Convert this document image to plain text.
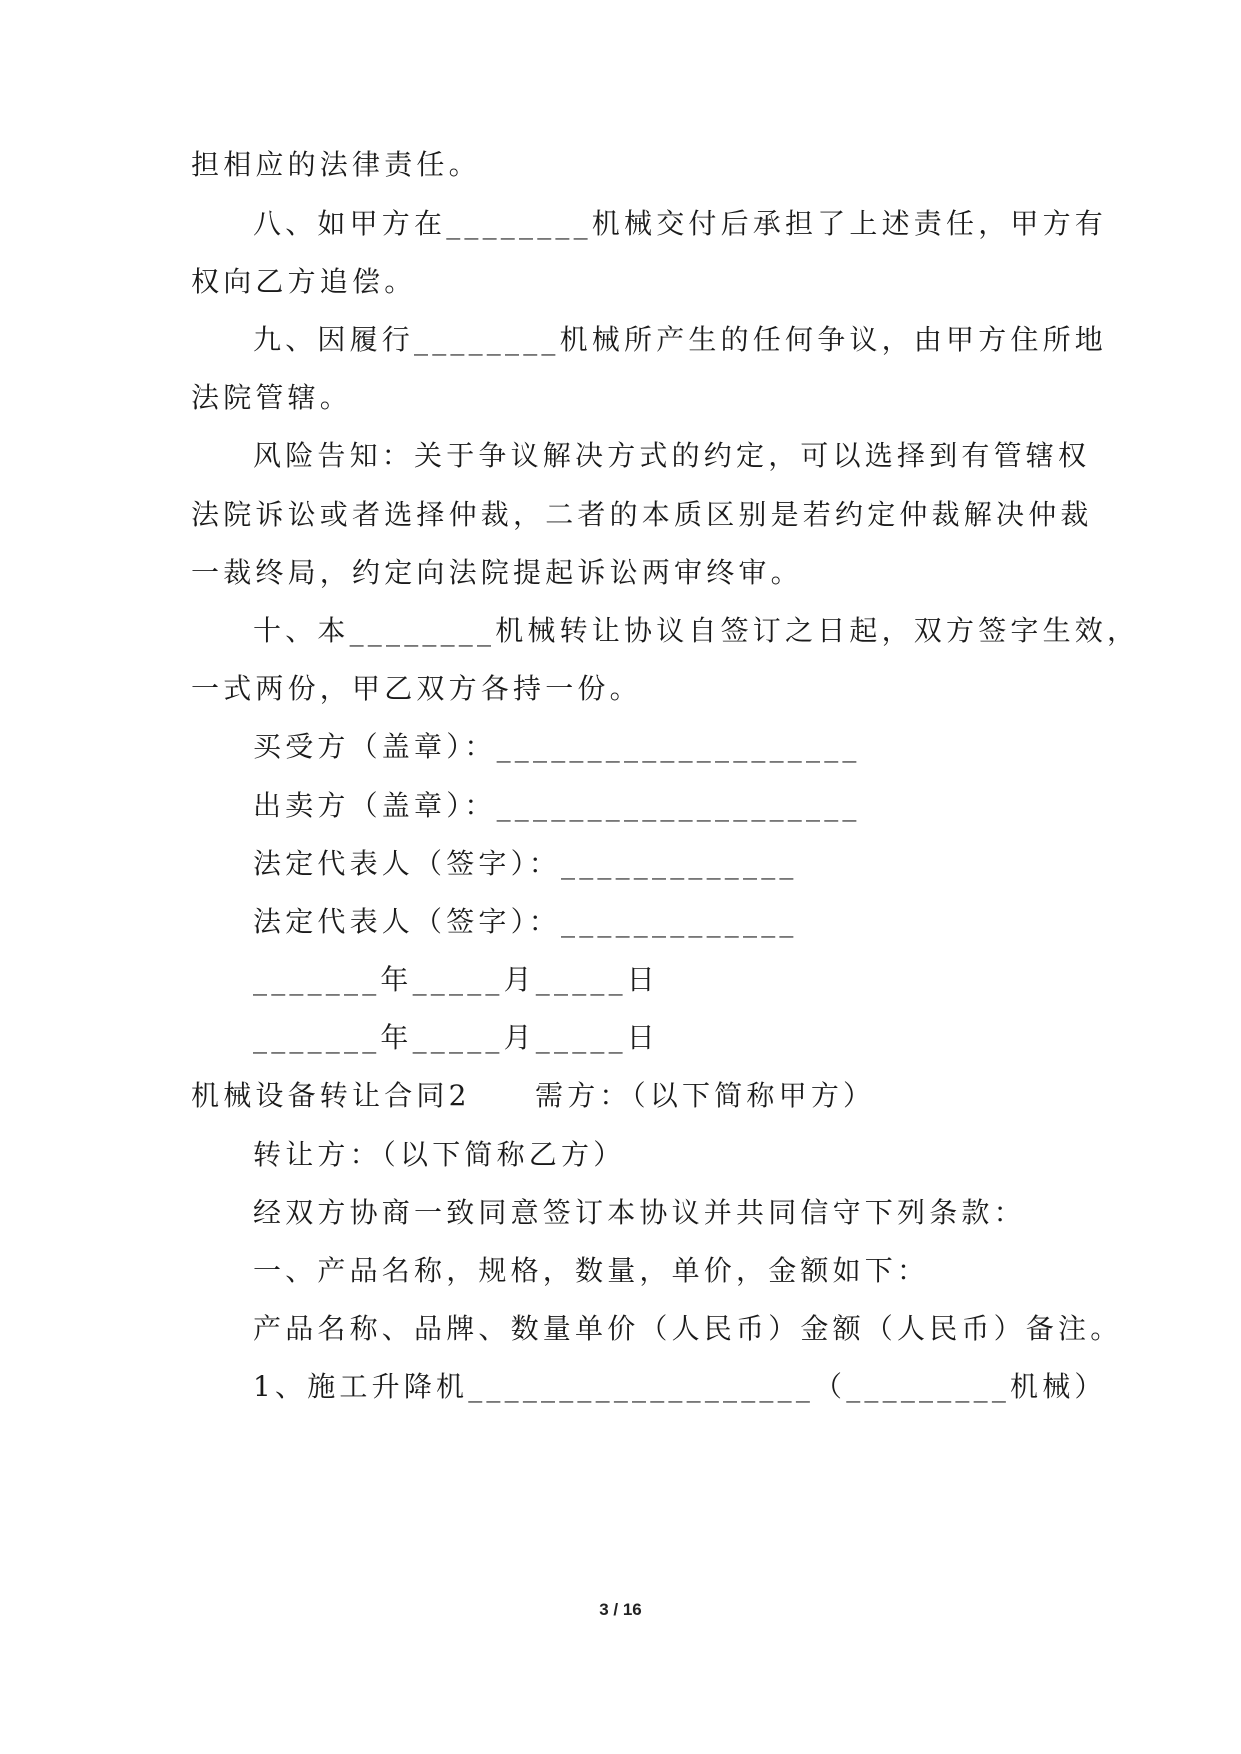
担相应的法律责任。
八、如甲方在________机械交付后承担了上述责任，甲方有
权向乙方追偿。
九、因履行________机械所产生的任何争议，由甲方住所地
法院管辖。
风险告知：关于争议解决方式的约定，可以选择到有管辖权
法院诉讼或者选择仲裁，二者的本质区别是若约定仲裁解决仲裁
一裁终局，约定向法院提起诉讼两审终审。
十、本________机械转让协议自签订之日起，双方签字生效，
一式两份，甲乙双方各持一份。
买受方（盖章）：____________________
出卖方（盖章）：____________________
法定代表人（签字）：_____________
法定代表人（签字）：_____________
_______年_____月_____日
_______年_____月_____日
机械设备转让合同2　　需方：（以下简称甲方）
转让方：（以下简称乙方）
经双方协商一致同意签订本协议并共同信守下列条款：
一、产品名称，规格，数量，单价，金额如下：
产品名称、品牌、数量单价（人民币）金额（人民币）备注。
1、施工升降机___________________（_________机械）
3 / 16
